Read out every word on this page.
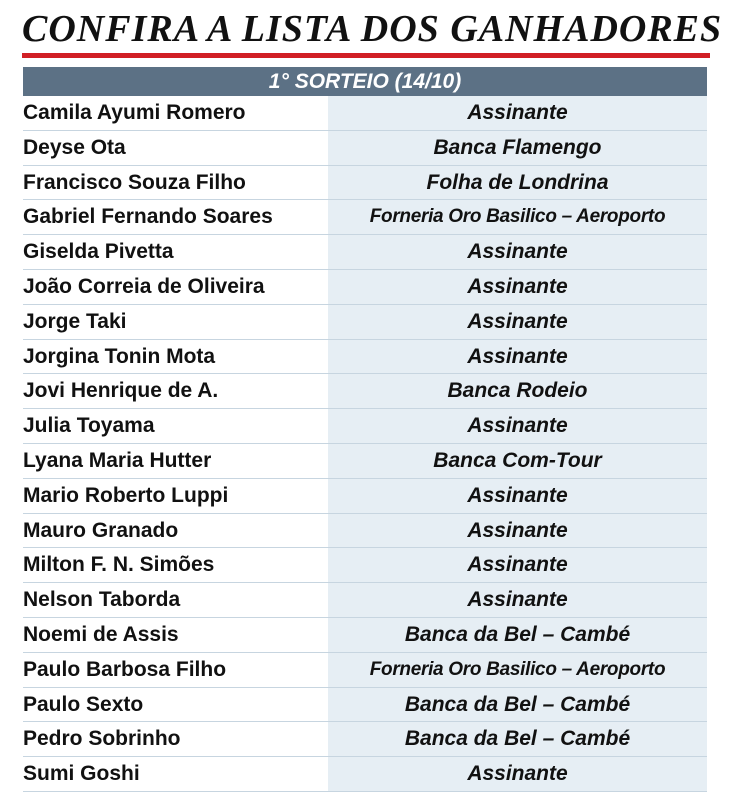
CONFIRA A LISTA DOS GANHADORES
1° SORTEIO (14/10)
Camila Ayumi Romero	Assinante
Deyse Ota	Banca Flamengo
Francisco Souza Filho	Folha de Londrina
Gabriel Fernando Soares	Forneria Oro Basilico – Aeroporto
Giselda Pivetta	Assinante
João Correia de Oliveira	Assinante
Jorge Taki	Assinante
Jorgina Tonin Mota	Assinante
Jovi Henrique de A.	Banca Rodeio
Julia Toyama	Assinante
Lyana Maria Hutter	Banca Com-Tour
Mario Roberto Luppi	Assinante
Mauro Granado	Assinante
Milton F. N. Simões	Assinante
Nelson Taborda	Assinante
Noemi de Assis	Banca da Bel – Cambé
Paulo Barbosa Filho	Forneria Oro Basilico – Aeroporto
Paulo Sexto	Banca da Bel – Cambé
Pedro Sobrinho	Banca da Bel – Cambé
Sumi Goshi	Assinante
